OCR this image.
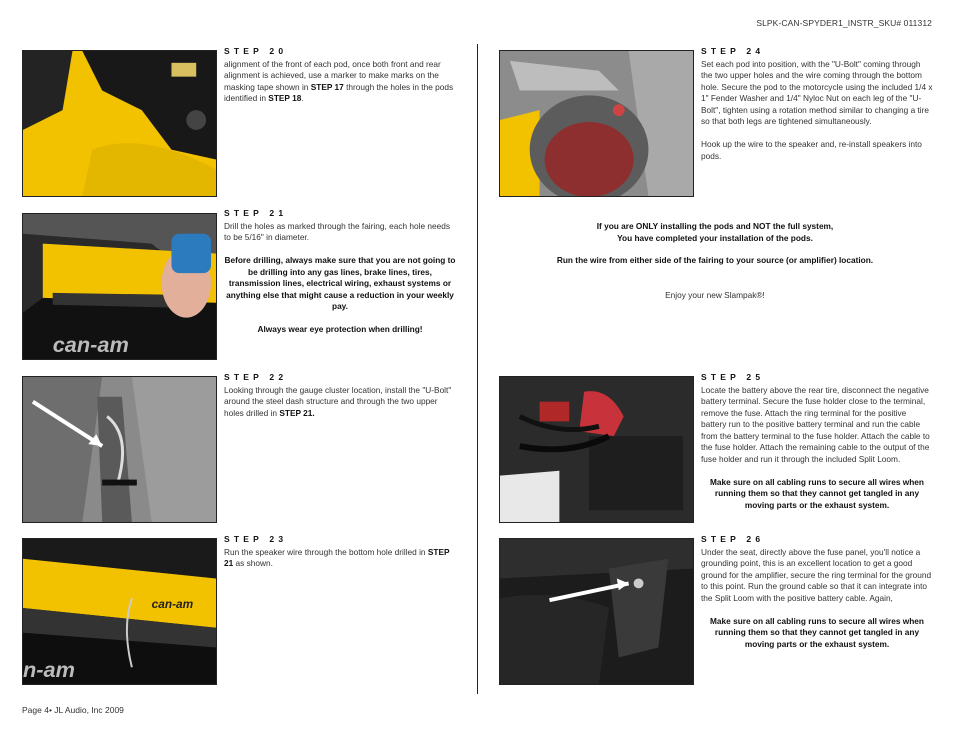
SLPK-CAN-SPYDER1_INSTR_SKU# 011312
STEP 20

alignment of the front of each pod, once both front and rear alignment is achieved, use a marker to make marks on the masking tape shown in STEP 17 through the holes in the pods identified in STEP 18.

can-am
STEP 21

Drill the holes as marked through the fairing, each hole needs to be 5/16" in diameter.

Before drilling, always make sure that you are not going to be drilling into any gas lines, brake lines, tires, transmission lines, electrical wiring, exhaust systems or anything else that might cause a reduction in your weekly pay.

Always wear eye protection when drilling!

STEP 22

Looking through the gauge cluster location, install the "U-Bolt" around the steel dash structure and through the two upper holes drilled in STEP 21.

n-am
can-am
STEP 23

Run the speaker wire through the bottom hole drilled in STEP 21 as shown.

STEP 24

Set each pod into position, with the "U-Bolt" coming through the two upper holes and the wire coming through the bottom hole. Secure the pod to the motorcycle using the included 1/4 x 1" Fender Washer and 1/4" Nyloc Nut on each leg of the "U-Bolt", tighten using a rotation method similar to changing a tire so that both legs are tightened simultaneously.

Hook up the wire to the speaker and, re-install speakers into pods.

If you are ONLY installing the pods and NOT the full system,
You have completed your installation of the pods.
Run the wire from either side of the fairing to your source (or amplifier) location.
Enjoy your new Slampak®!
STEP 25

Locate the battery above the rear tire, disconnect the negative battery terminal. Secure the fuse holder close to the terminal, remove the fuse. Attach the ring terminal for the positive battery run to the positive battery terminal and run the cable from the battery terminal to the fuse holder. Attach the cable to the fuse holder. Attach the remaining cable to the output of the fuse holder and run it through the included Split Loom.

Make sure on all cabling runs to secure all wires when running them so that they cannot get tangled in any moving parts or the exhaust system.

STEP 26

Under the seat, directly above the fuse panel, you'll notice a grounding point, this is an excellent location to get a good ground for the amplifier, secure the ring terminal for the ground to this point. Run the ground cable so that it can integrate into the Split Loom with the positive battery cable. Again,

Make sure on all cabling runs to secure all wires when running them so that they cannot get tangled in any moving parts or the exhaust system.

Page 4• JL Audio, Inc 2009
